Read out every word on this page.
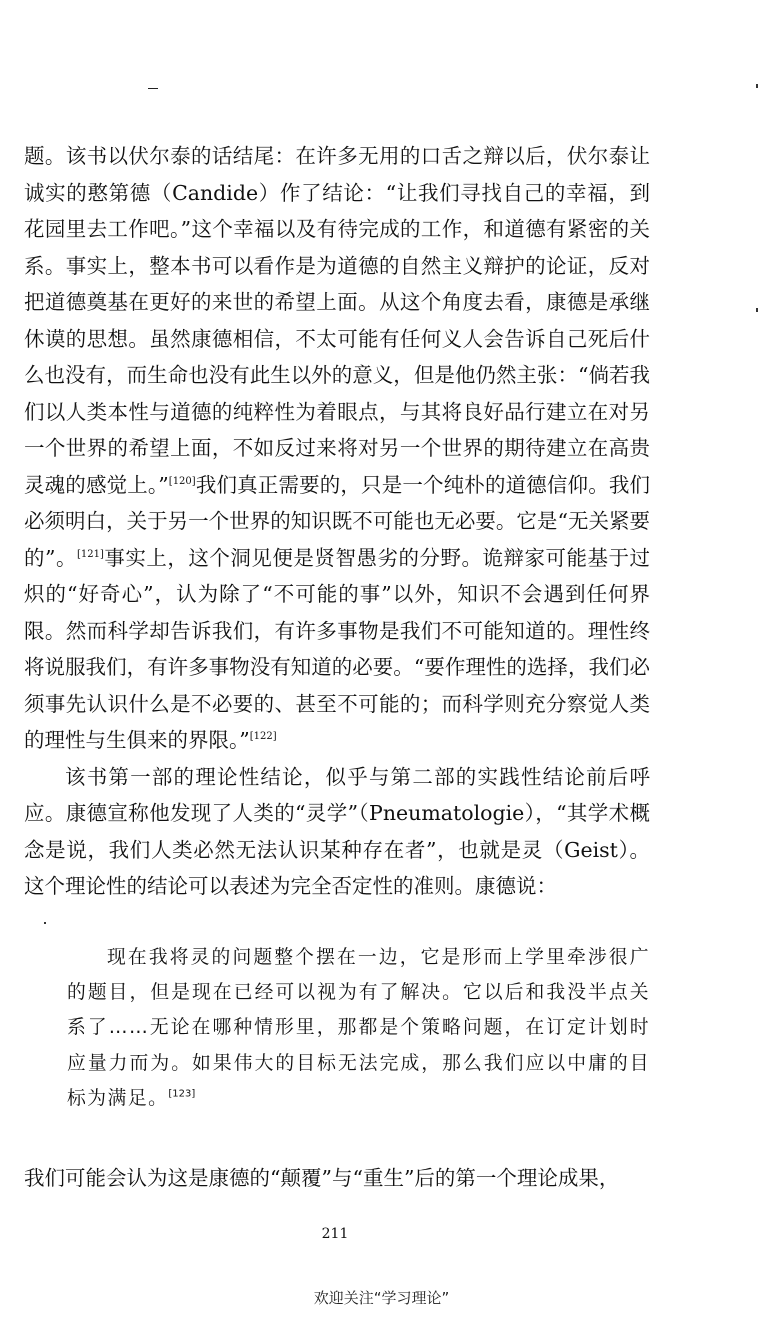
题。该书以伏尔泰的话结尾：在许多无用的口舌之辩以后，伏尔泰让诚实的憨第德（Candide）作了结论：“让我们寻找自己的幸福，到花园里去工作吧。”这个幸福以及有待完成的工作，和道德有紧密的关系。事实上，整本书可以看作是为道德的自然主义辩护的论证，反对把道德奠基在更好的来世的希望上面。从这个角度去看，康德是承继休谟的思想。虽然康德相信，不太可能有任何义人会告诉自己死后什么也没有，而生命也没有此生以外的意义，但是他仍然主张：“倘若我们以人类本性与道德的纯粹性为着眼点，与其将良好品行建立在对另一个世界的希望上面，不如反过来将对另一个世界的期待建立在高贵灵魂的感觉上。”[120]我们真正需要的，只是一个纯朴的道德信仰。我们必须明白，关于另一个世界的知识既不可能也无必要。它是“无关紧要的”。[121]事实上，这个洞见便是贤智愚劣的分野。诡辩家可能基于过炽的“好奇心”，认为除了“不可能的事”以外，知识不会遇到任何界限。然而科学却告诉我们，有许多事物是我们不可能知道的。理性终将说服我们，有许多事物没有知道的必要。“要作理性的选择，我们必须事先认识什么是不必要的、甚至不可能的；而科学则充分察觉人类的理性与生俱来的界限。”[122]

该书第一部的理论性结论，似乎与第二部的实践性结论前后呼应。康德宣称他发现了人类的“灵学”（Pneumatologie），“其学术概念是说，我们人类必然无法认识某种存在者”，也就是灵（Geist）。这个理论性的结论可以表述为完全否定性的准则。康德说：

现在我将灵的问题整个摆在一边，它是形而上学里牵涉很广的题目，但是现在已经可以视为有了解决。它以后和我没半点关系了……无论在哪种情形里，那都是个策略问题，在订定计划时应量力而为。如果伟大的目标无法完成，那么我们应以中庸的目标为满足。[123]

我们可能会认为这是康德的“颠覆”与“重生”后的第一个理论成果，

211
欢迎关注“学习理论”
